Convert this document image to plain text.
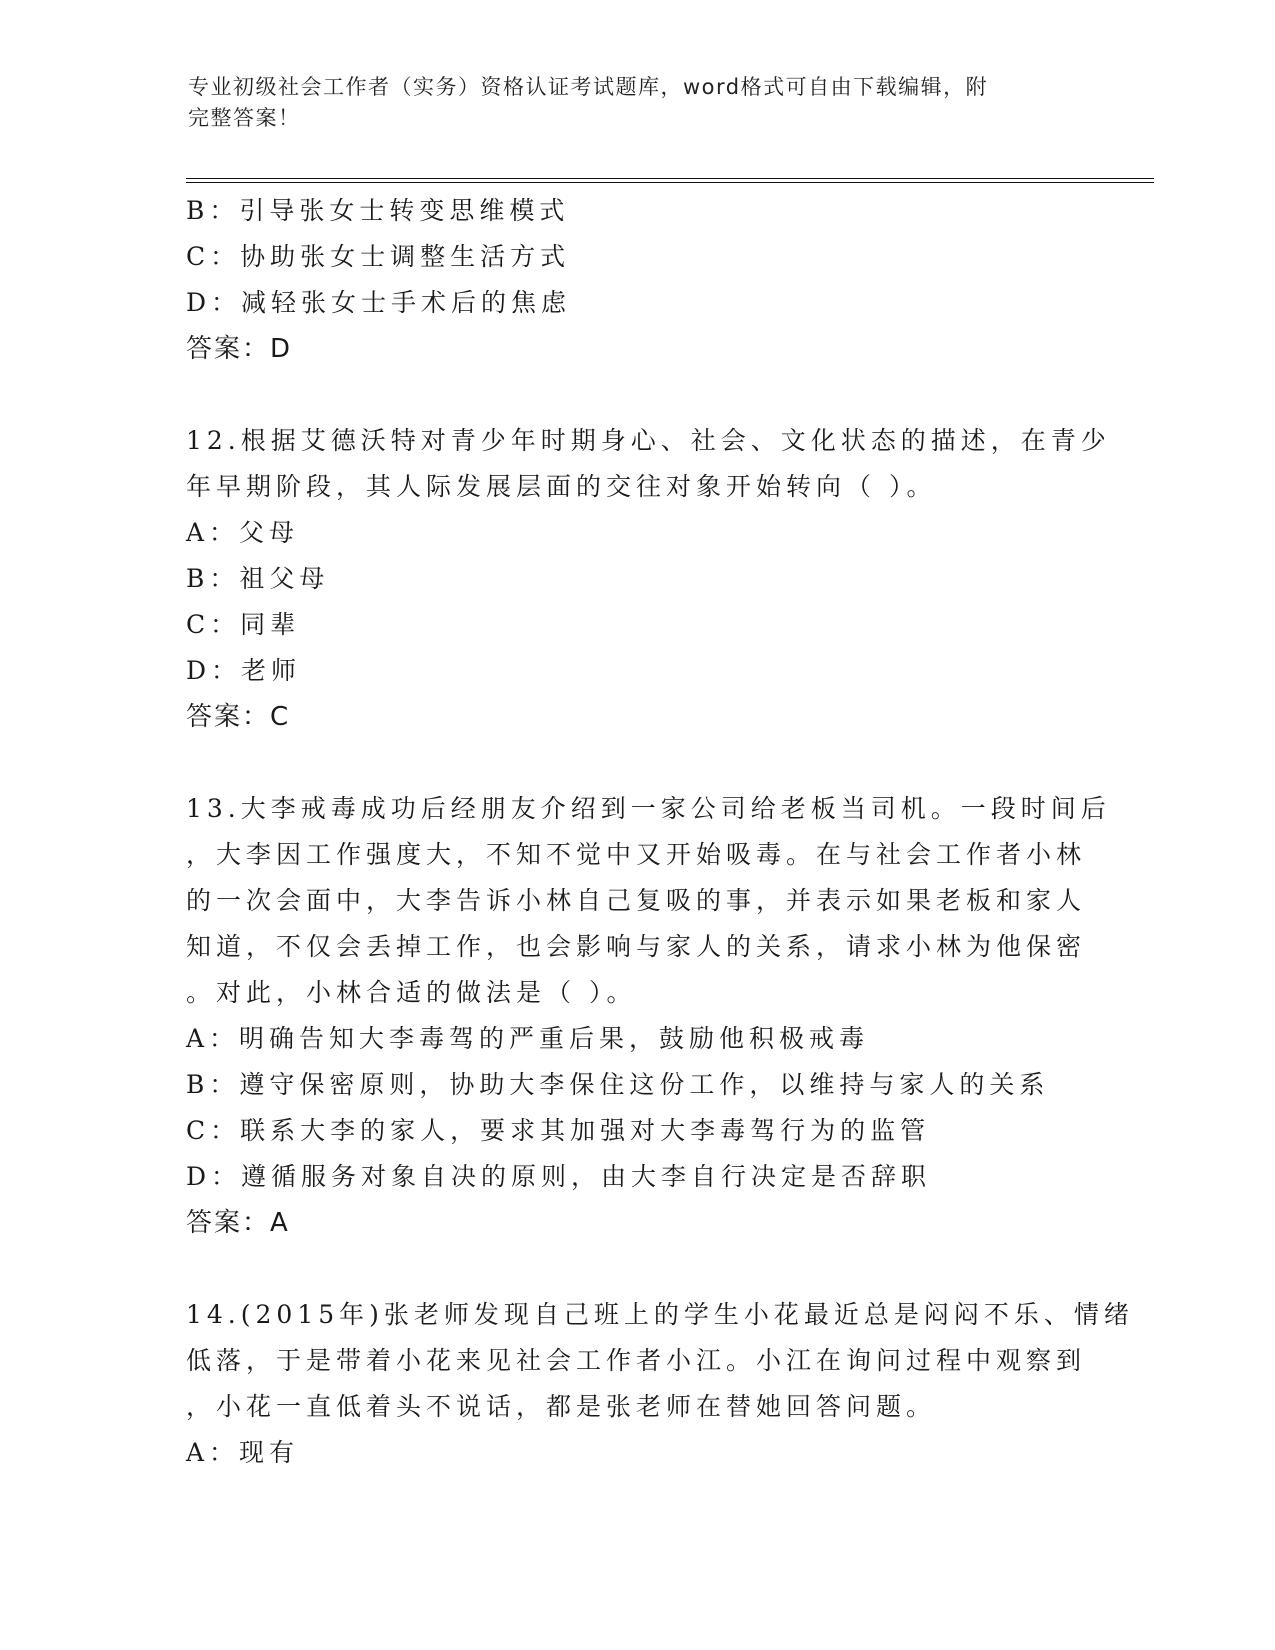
专业初级社会工作者（实务）资格认证考试题库，word格式可自由下载编辑，附
完整答案！
B：引导张女士转变思维模式
C：协助张女士调整生活方式
D：减轻张女士手术后的焦虑
答案：D
12.根据艾德沃特对青少年时期身心、社会、文化状态的描述，在青少
年早期阶段，其人际发展层面的交往对象开始转向（ ）。
A：父母
B：祖父母
C：同辈
D：老师
答案：C
13.大李戒毒成功后经朋友介绍到一家公司给老板当司机。一段时间后
，大李因工作强度大，不知不觉中又开始吸毒。在与社会工作者小林
的一次会面中，大李告诉小林自己复吸的事，并表示如果老板和家人
知道，不仅会丢掉工作，也会影响与家人的关系，请求小林为他保密
。对此，小林合适的做法是（ ）。
A：明确告知大李毒驾的严重后果，鼓励他积极戒毒
B：遵守保密原则，协助大李保住这份工作，以维持与家人的关系
C：联系大李的家人，要求其加强对大李毒驾行为的监管
D：遵循服务对象自决的原则，由大李自行决定是否辞职
答案：A
14.(2015年)张老师发现自己班上的学生小花最近总是闷闷不乐、情绪
低落，于是带着小花来见社会工作者小江。小江在询问过程中观察到
，小花一直低着头不说话，都是张老师在替她回答问题。
A：现有
